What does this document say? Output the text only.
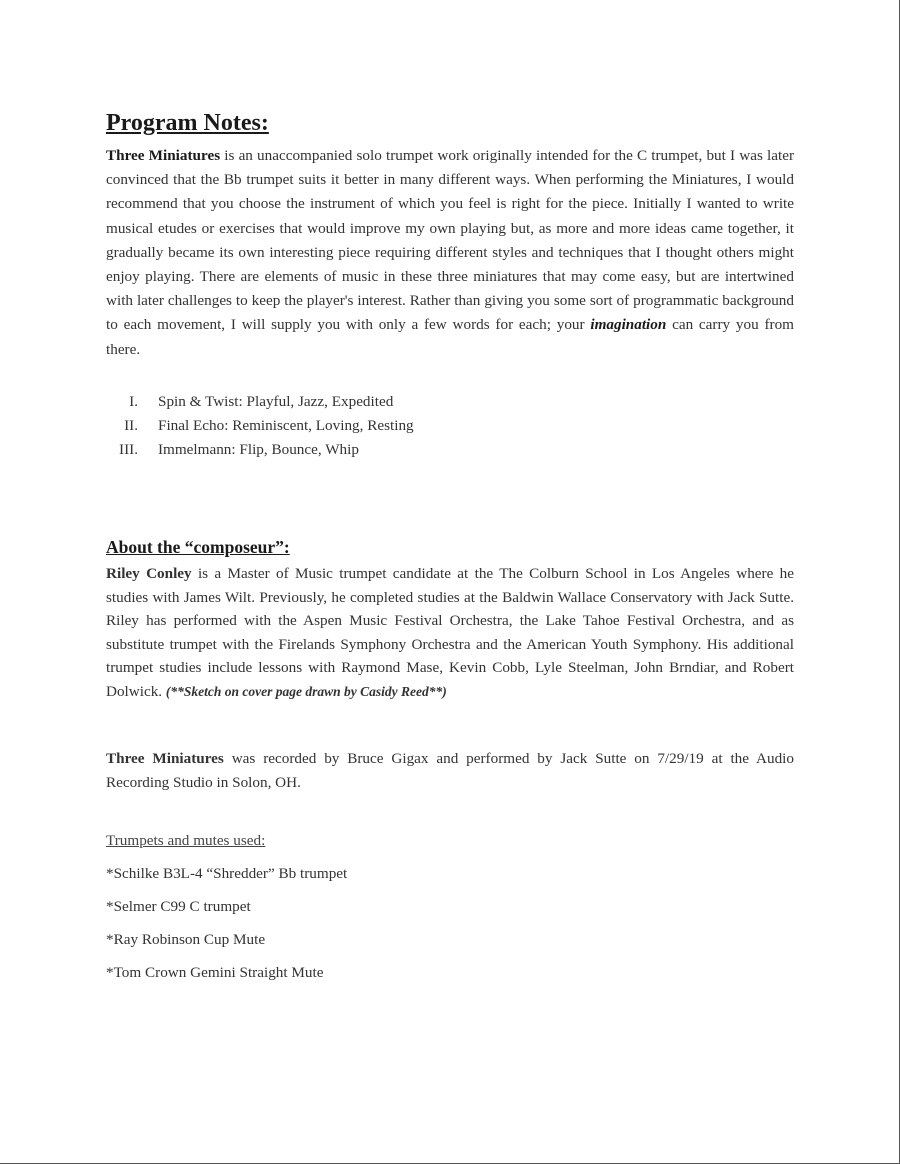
Program Notes:

Three Miniatures is an unaccompanied solo trumpet work originally intended for the C trumpet, but I was later convinced that the Bb trumpet suits it better in many different ways. When performing the Miniatures, I would recommend that you choose the instrument of which you feel is right for the piece. Initially I wanted to write musical etudes or exercises that would improve my own playing but, as more and more ideas came together, it gradually became its own interesting piece requiring different styles and techniques that I thought others might enjoy playing. There are elements of music in these three miniatures that may come easy, but are intertwined with later challenges to keep the player's interest. Rather than giving you some sort of programmatic background to each movement, I will supply you with only a few words for each; your imagination can carry you from there.

I. Spin & Twist: Playful, Jazz, Expedited
II. Final Echo: Reminiscent, Loving, Resting
III. Immelmann: Flip, Bounce, Whip
About the “composeur”:

Riley Conley is a Master of Music trumpet candidate at the The Colburn School in Los Angeles where he studies with James Wilt. Previously, he completed studies at the Baldwin Wallace Conservatory with Jack Sutte. Riley has performed with the Aspen Music Festival Orchestra, the Lake Tahoe Festival Orchestra, and as substitute trumpet with the Firelands Symphony Orchestra and the American Youth Symphony. His additional trumpet studies include lessons with Raymond Mase, Kevin Cobb, Lyle Steelman, John Brndiar, and Robert Dolwick. (**Sketch on cover page drawn by Casidy Reed**)

Three Miniatures was recorded by Bruce Gigax and performed by Jack Sutte on 7/29/19 at the Audio Recording Studio in Solon, OH.

Trumpets and mutes used:
*Schilke B3L-4 “Shredder” Bb trumpet
*Selmer C99 C trumpet
*Ray Robinson Cup Mute
*Tom Crown Gemini Straight Mute
